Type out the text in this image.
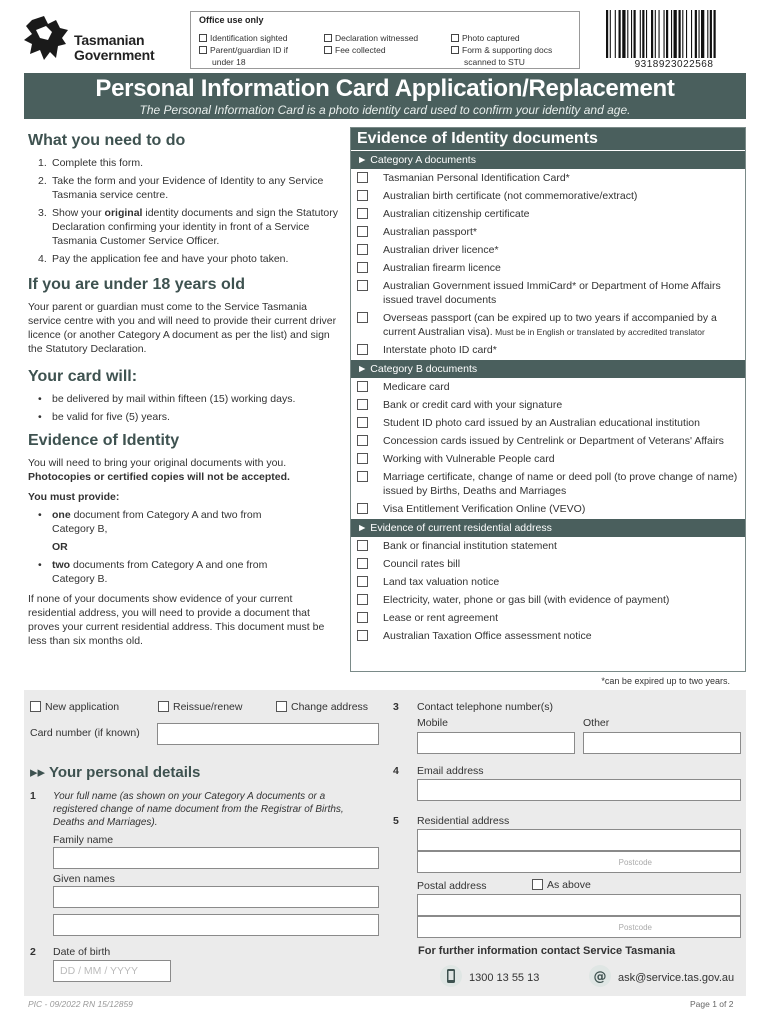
Tasmanian
Government
Office use only
Identification sighted
Parent/guardian ID if
under 18
Declaration witnessed
Fee collected
Photo captured
Form & supporting docs
scanned to STU	9318923022568
Personal Information Card Application/Replacement
The Personal Information Card is a photo identity card used to confirm your identity and age.
What you need to do
1. Complete this form.
2. Take the form and your Evidence of Identity to any Service Tasmania service centre.
3. Show your original identity documents and sign the Statutory Declaration confirming your identity in front of a Service Tasmania Customer Service Officer.
4. Pay the application fee and have your photo taken.
If you are under 18 years old
Your parent or guardian must come to the Service Tasmania service centre with you and will need to provide their current driver licence (or another Category A document as per the list) and sign the Statutory Declaration.
Your card will:
• be delivered by mail within fifteen (15) working days.
• be valid for five (5) years.
Evidence of Identity
You will need to bring your original documents with you.
Photocopies or certified copies will not be accepted.
You must provide:
• one document from Category A and two from Category B,
OR
• two documents from Category A and one from Category B.
If none of your documents show evidence of your current residential address, you will need to provide a document that proves your current residential address. This document must be less than six months old.
Evidence of Identity documents
► Category A documents
Tasmanian Personal Identification Card*
Australian birth certificate (not commemorative/extract)
Australian citizenship certificate
Australian passport*
Australian driver licence*
Australian firearm licence
Australian Government issued ImmiCard* or Department of Home Affairs issued travel documents
Overseas passport (can be expired up to two years if accompanied by a current Australian visa). Must be in English or translated by accredited translator
Interstate photo ID card*
► Category B documents
Medicare card
Bank or credit card with your signature
Student ID photo card issued by an Australian educational institution
Concession cards issued by Centrelink or Department of Veterans' Affairs
Working with Vulnerable People card
Marriage certificate, change of name or deed poll (to prove change of name) issued by Births, Deaths and Marriages
Visa Entitlement Verification Online (VEVO)
► Evidence of current residential address
Bank or financial institution statement
Council rates bill
Land tax valuation notice
Electricity, water, phone or gas bill (with evidence of payment)
Lease or rent agreement
Australian Taxation Office assessment notice
*can be expired up to two years.
New application	Reissue/renew	Change address
Card number (if known)
▸▸ Your personal details
1 Your full name (as shown on your Category A documents or a registered change of name document from the Registrar of Births, Deaths and Marriages).
Family name
Given names
2 Date of birth
DD / MM / YYYY
3 Contact telephone number(s)
Mobile	Other
4 Email address
5 Residential address
Postcode
Postal address	As above
Postcode
For further information contact Service Tasmania
1300 13 55 13	@ ask@service.tas.gov.au
PIC - 09/2022 RN 15/12859	Page 1 of 2
